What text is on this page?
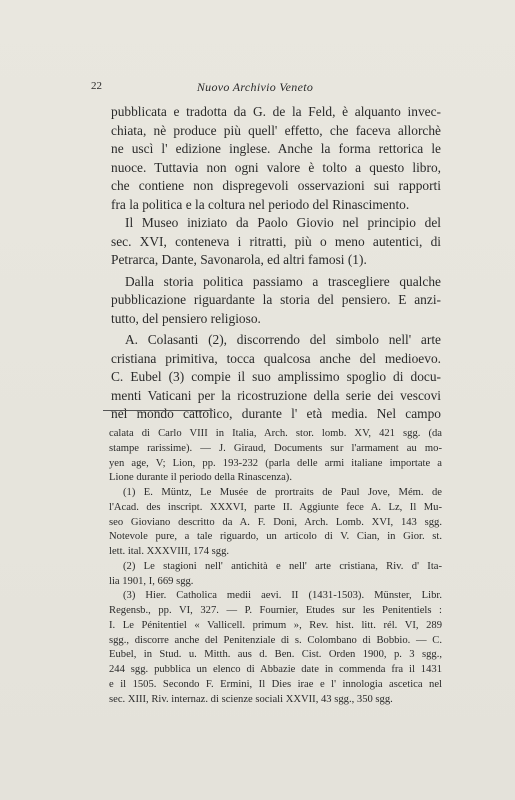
22	Nuovo Archivio Veneto

pubblicata e tradotta da G. de la Feld, è alquanto invec-

chiata, nè produce più quell' effetto, che faceva allorchè

ne uscì l' edizione inglese. Anche la forma rettorica le

nuoce. Tuttavia non ogni valore è tolto a questo libro,

che contiene non dispregevoli osservazioni sui rapporti

fra la politica e la coltura nel periodo del Rinascimento.

Il Museo iniziato da Paolo Giovio nel principio del

sec. XVI, conteneva i ritratti, più o meno autentici, di

Petrarca, Dante, Savonarola, ed altri famosi (1).

Dalla storia politica passiamo a trascegliere qualche

pubblicazione riguardante la storia del pensiero. E anzi-

tutto, del pensiero religioso.

A. Colasanti (2), discorrendo del simbolo nell' arte

cristiana primitiva, tocca qualcosa anche del medioevo.

C. Eubel (3) compie il suo amplissimo spoglio di docu-

menti Vaticani per la ricostruzione della serie dei vescovi

nel mondo cattolico, durante l' età media. Nel campo

calata di Carlo VIII in Italia, Arch. stor. lomb. XV, 421 sgg. (da

stampe rarissime). — J. Giraud, Documents sur l'armament au mo-

yen age, V; Lion, pp. 193-232 (parla delle armi italiane importate a

Lione durante il periodo della Rinascenza).

(1) E. Müntz, Le Musée de prortraits de Paul Jove, Mém. de

l'Acad. des inscript. XXXVI, parte II. Aggiunte fece A. Lz, Il Mu-

seo Gioviano descritto da A. F. Doni, Arch. Lomb. XVI, 143 sgg.

Notevole pure, a tale riguardo, un articolo di V. Cian, in Gior. st.

lett. ital. XXXVIII, 174 sgg.

(2) Le stagioni nell' antichità e nell' arte cristiana, Riv. d' Ita-

lia 1901, I, 669 sgg.

(3) Hier. Catholica medii aevi. II (1431-1503). Münster, Libr.

Regensb., pp. VI, 327. — P. Fournier, Etudes sur les Penitentiels :

I. Le Pénitentiel « Vallicell. primum », Rev. hist. litt. rél. VI, 289

sgg., discorre anche del Penitenziale di s. Colombano di Bobbio. — C.

Eubel, in Stud. u. Mitth. aus d. Ben. Cist. Orden 1900, p. 3 sgg.,

244 sgg. pubblica un elenco di Abbazie date in commenda fra il 1431

e il 1505. Secondo F. Ermini, Il Dies irae e l' innologia ascetica nel

sec. XIII, Riv. internaz. di scienze sociali XXVII, 43 sgg., 350 sgg.
